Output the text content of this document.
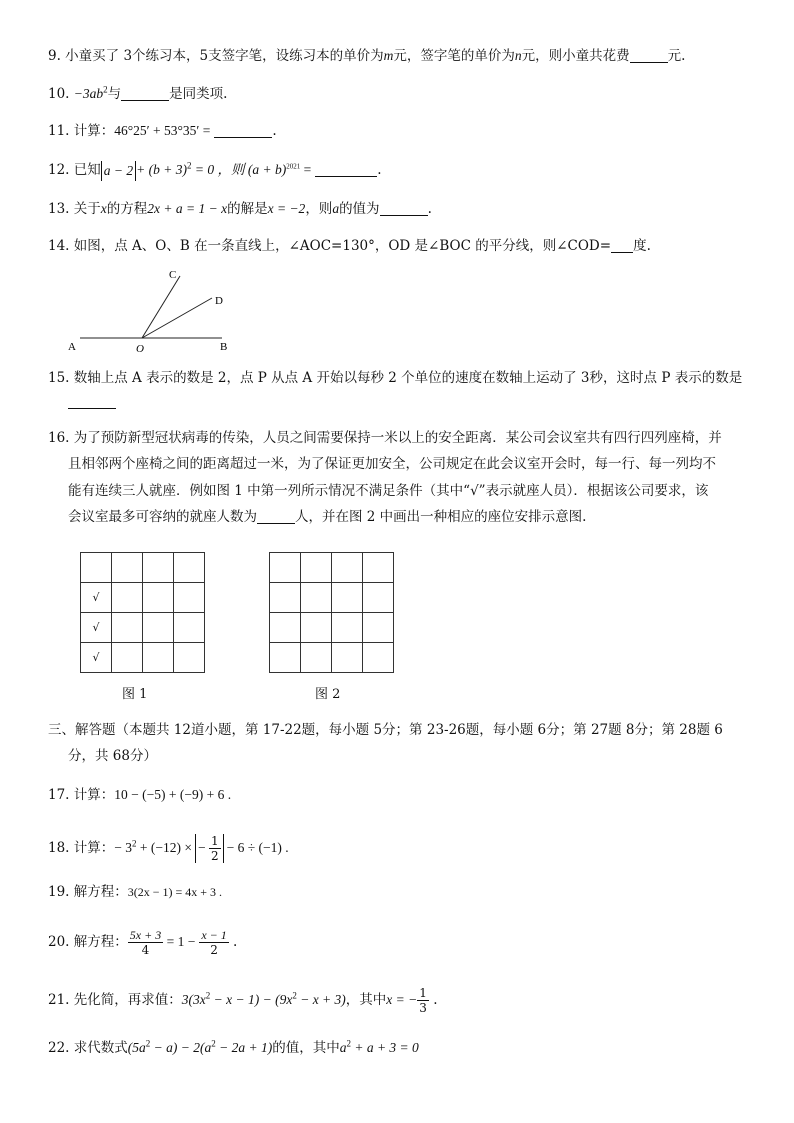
9. 小童买了 3个练习本，5支签字笔，设练习本的单价为m元，签字笔的单价为n元，则小童共花费	元.
10. $-3ab^2$与	是同类项.
11. 计算：46°25′ + 53°35′ =	.
12. 已知 $a - 2 + (b + 3)^2 = 0$ ，则 $(a + b)^{2021}$ =	.
13. 关于x的方程2x + a = 1 − x的解是x = −2，则a的值为	.
14. 如图，点 A、O、B 在一条直线上，∠AOC=130°，OD 是∠BOC 的平分线，则∠COD= 度.
A	O	B
C
D
15. 数轴上点 A 表示的数是 2，点 P 从点 A 开始以每秒 2 个单位的速度在数轴上运动了 3秒，这时点 P 表示的数是
16. 为了预防新型冠状病毒的传染，人员之间需要保持一米以上的安全距离．某公司会议室共有四行四列座椅，并
且相邻两个座椅之间的距离超过一米，为了保证更加安全，公司规定在此会议室开会时，每一行、每一列均不
能有连续三人就座．例如图 1 中第一列所示情况不满足条件（其中“√”表示就座人员）．根据该公司要求，该
会议室最多可容纳的就座人数为	人，并在图 2 中画出一种相应的座位安排示意图.

√			
√			
√			

图 1	图 2
三、解答题（本题共 12道小题，第 17-22题，每小题 5分；第 23-26题，每小题 6分；第 27题 8分；第 28题 6
分，共 68分）
17. 计算：10 − (−5) + (−9) + 6 .
18. 计算：− $3^2 + (-12)$ × − $\frac{1}{2} - 6 \div (-1)$ .
19. 解方程：3(2x − 1) = 4x + 3 .
20. 解方程： $\frac{5x + 3}{4} = 1 - \frac{x - 1}{2}$ .
21. 先化简，再求值：$3(3x^2 - x - 1) - (9x^2 - x + 3)$，其中x = − $\frac{1}{3}$ .
22. 求代数式$(5a^2 - a) - 2(a^2 - 2a + 1)$的值，其中$a^2 + a + 3 = 0$
